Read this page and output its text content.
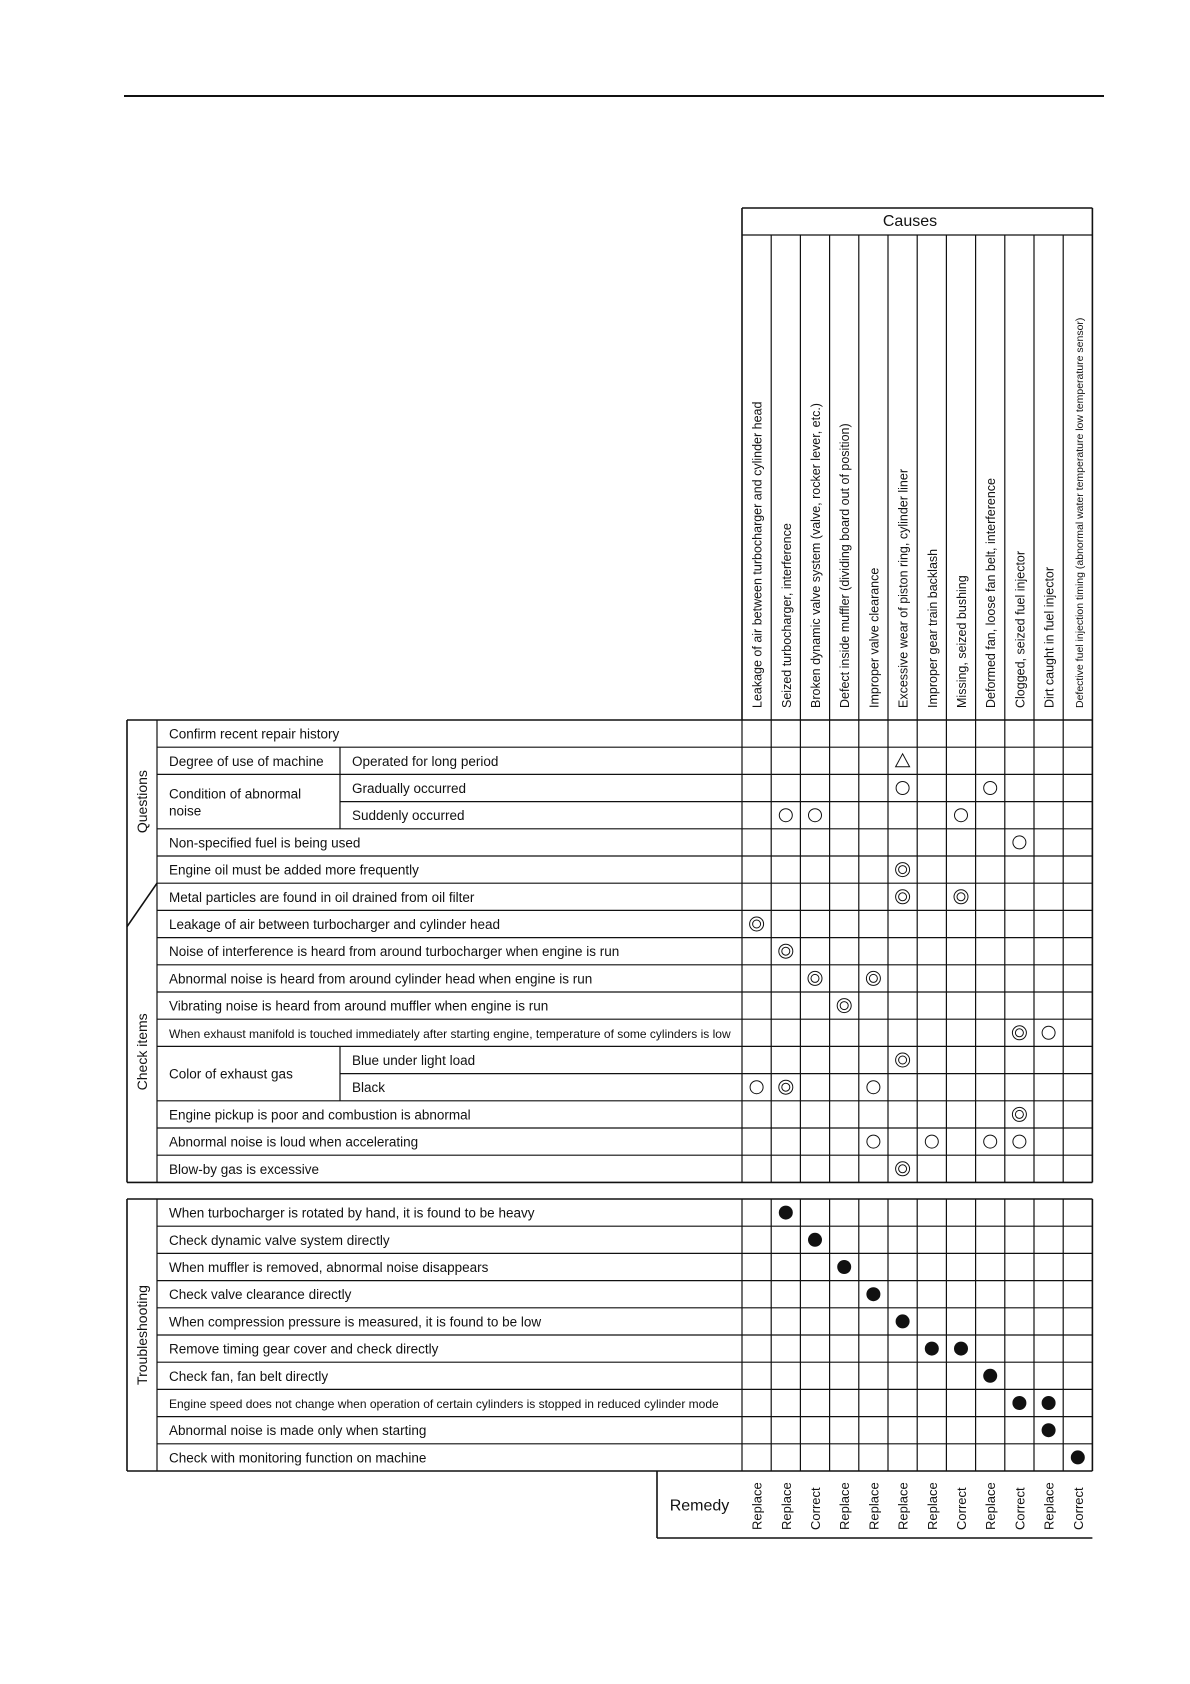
Causes
Leakage of air between turbocharger and cylinder head Seized turbocharger, interference Broken dynamic valve system (valve, rocker lever, etc.) Defect inside muffler (dividing board out of position) Improper valve clearance Excessive wear of piston ring, cylinder liner Improper gear train backlash Missing, seized bushing Deformed fan, loose fan belt, interference Clogged, seized fuel injector Dirt caught in fuel injector Defective fuel injection timing (abnormal water temperature low temperature sensor)
Confirm recent repair history
Operated for long period
Gradually occurred
Suddenly occurred
Non-specified fuel is being used
Engine oil must be added more frequently
Metal particles are found in oil drained from oil filter
Leakage of air between turbocharger and cylinder head
Noise of interference is heard from around turbocharger when engine is run
Abnormal noise is heard from around cylinder head when engine is run
Vibrating noise is heard from around muffler when engine is run
When exhaust manifold is touched immediately after starting engine, temperature of some cylinders is low
Blue under light load
Black
Engine pickup is poor and combustion is abnormal
Abnormal noise is loud when accelerating
Blow-by gas is excessive
Degree of use of machine
Condition of abnormal noise
Color of exhaust gas
Questions
Check items
When turbocharger is rotated by hand, it is found to be heavy
Check dynamic valve system directly
When muffler is removed, abnormal noise disappears
Check valve clearance directly
When compression pressure is measured, it is found to be low
Remove timing gear cover and check directly
Check fan, fan belt directly
Engine speed does not change when operation of certain cylinders is stopped in reduced cylinder mode
Abnormal noise is made only when starting
Check with monitoring function on machine
Troubleshooting
Remedy Replace Replace Correct Replace Replace Replace Replace Correct Replace Correct Replace Correct
